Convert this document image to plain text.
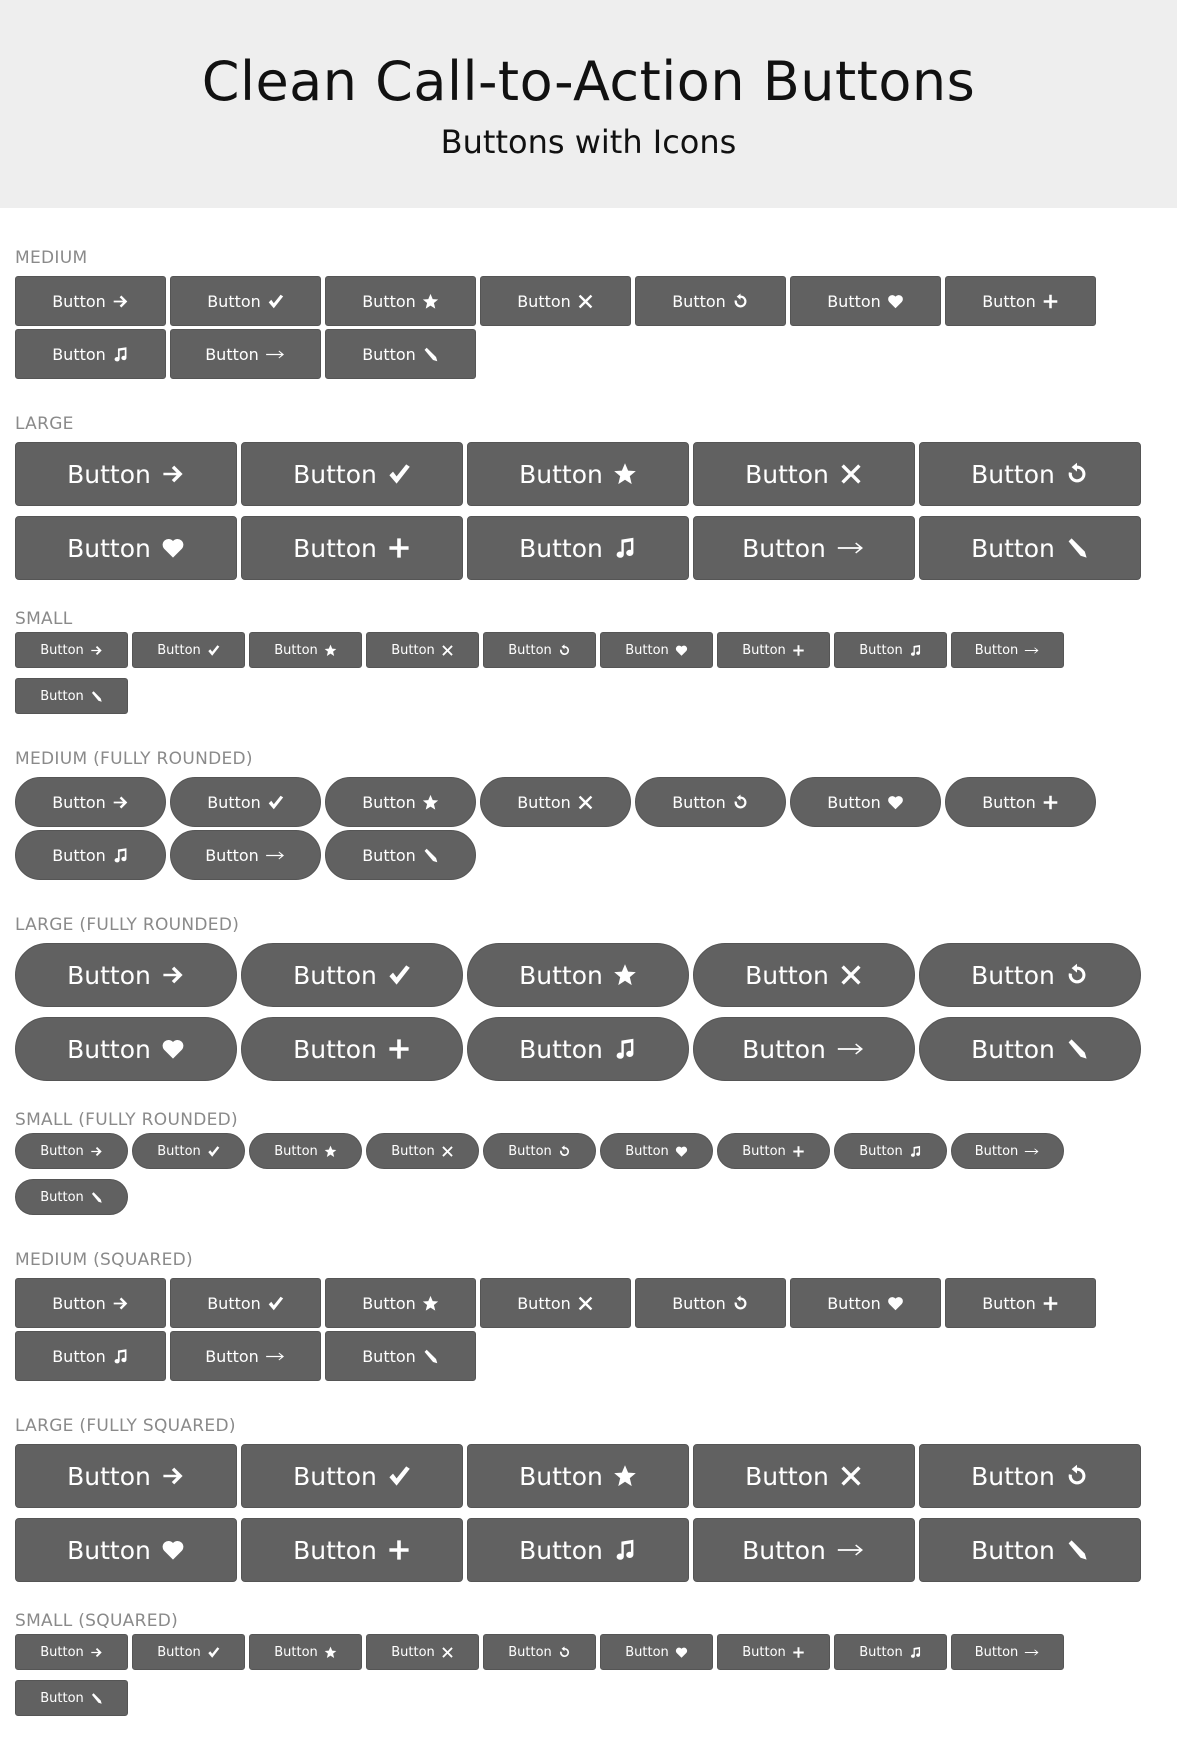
Clean Call-to-Action Buttons
Buttons with Icons
MEDIUM
Button	Button	Button	Button	Button	Button	Button
Button	Button	Button
LARGE
Button	Button	Button	Button	Button
Button	Button	Button	Button	Button
SMALL
Button	Button	Button	Button	Button	Button	Button	Button	Button
Button
MEDIUM (FULLY ROUNDED)
Button	Button	Button	Button	Button	Button	Button
Button	Button	Button
LARGE (FULLY ROUNDED)
Button	Button	Button	Button	Button
Button	Button	Button	Button	Button
SMALL (FULLY ROUNDED)
Button	Button	Button	Button	Button	Button	Button	Button	Button
Button
MEDIUM (SQUARED)
Button	Button	Button	Button	Button	Button	Button
Button	Button	Button
LARGE (FULLY SQUARED)
Button	Button	Button	Button	Button
Button	Button	Button	Button	Button
SMALL (SQUARED)
Button	Button	Button	Button	Button	Button	Button	Button	Button
Button
